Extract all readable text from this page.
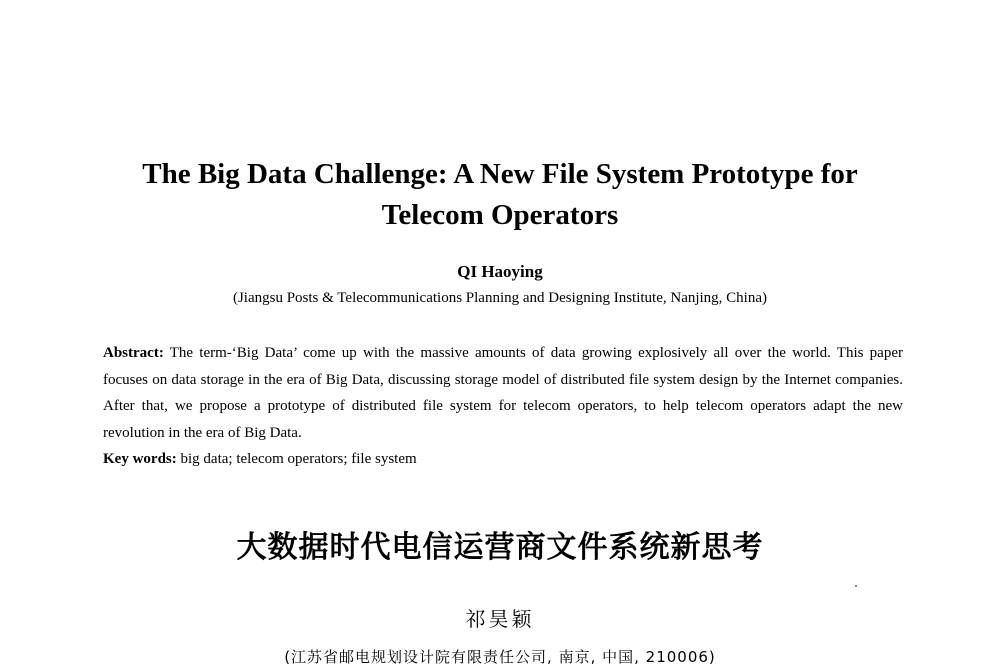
The Big Data Challenge: A New File System Prototype for
Telecom Operators
QI Haoying
(Jiangsu Posts & Telecommunications Planning and Designing Institute, Nanjing, China)
Abstract: The term-‘Big Data’ come up with the massive amounts of data growing explosively all over the world. This paper focuses on data storage in the era of Big Data, discussing storage model of distributed file system design by the Internet companies. After that, we propose a prototype of distributed file system for telecom operators, to help telecom operators adapt the new revolution in the era of Big Data.
Key words: big data; telecom operators; file system
大数据时代电信运营商文件系统新思考
祁昊颖
(江苏省邮电规划设计院有限责任公司, 南京, 中国, 210006)
